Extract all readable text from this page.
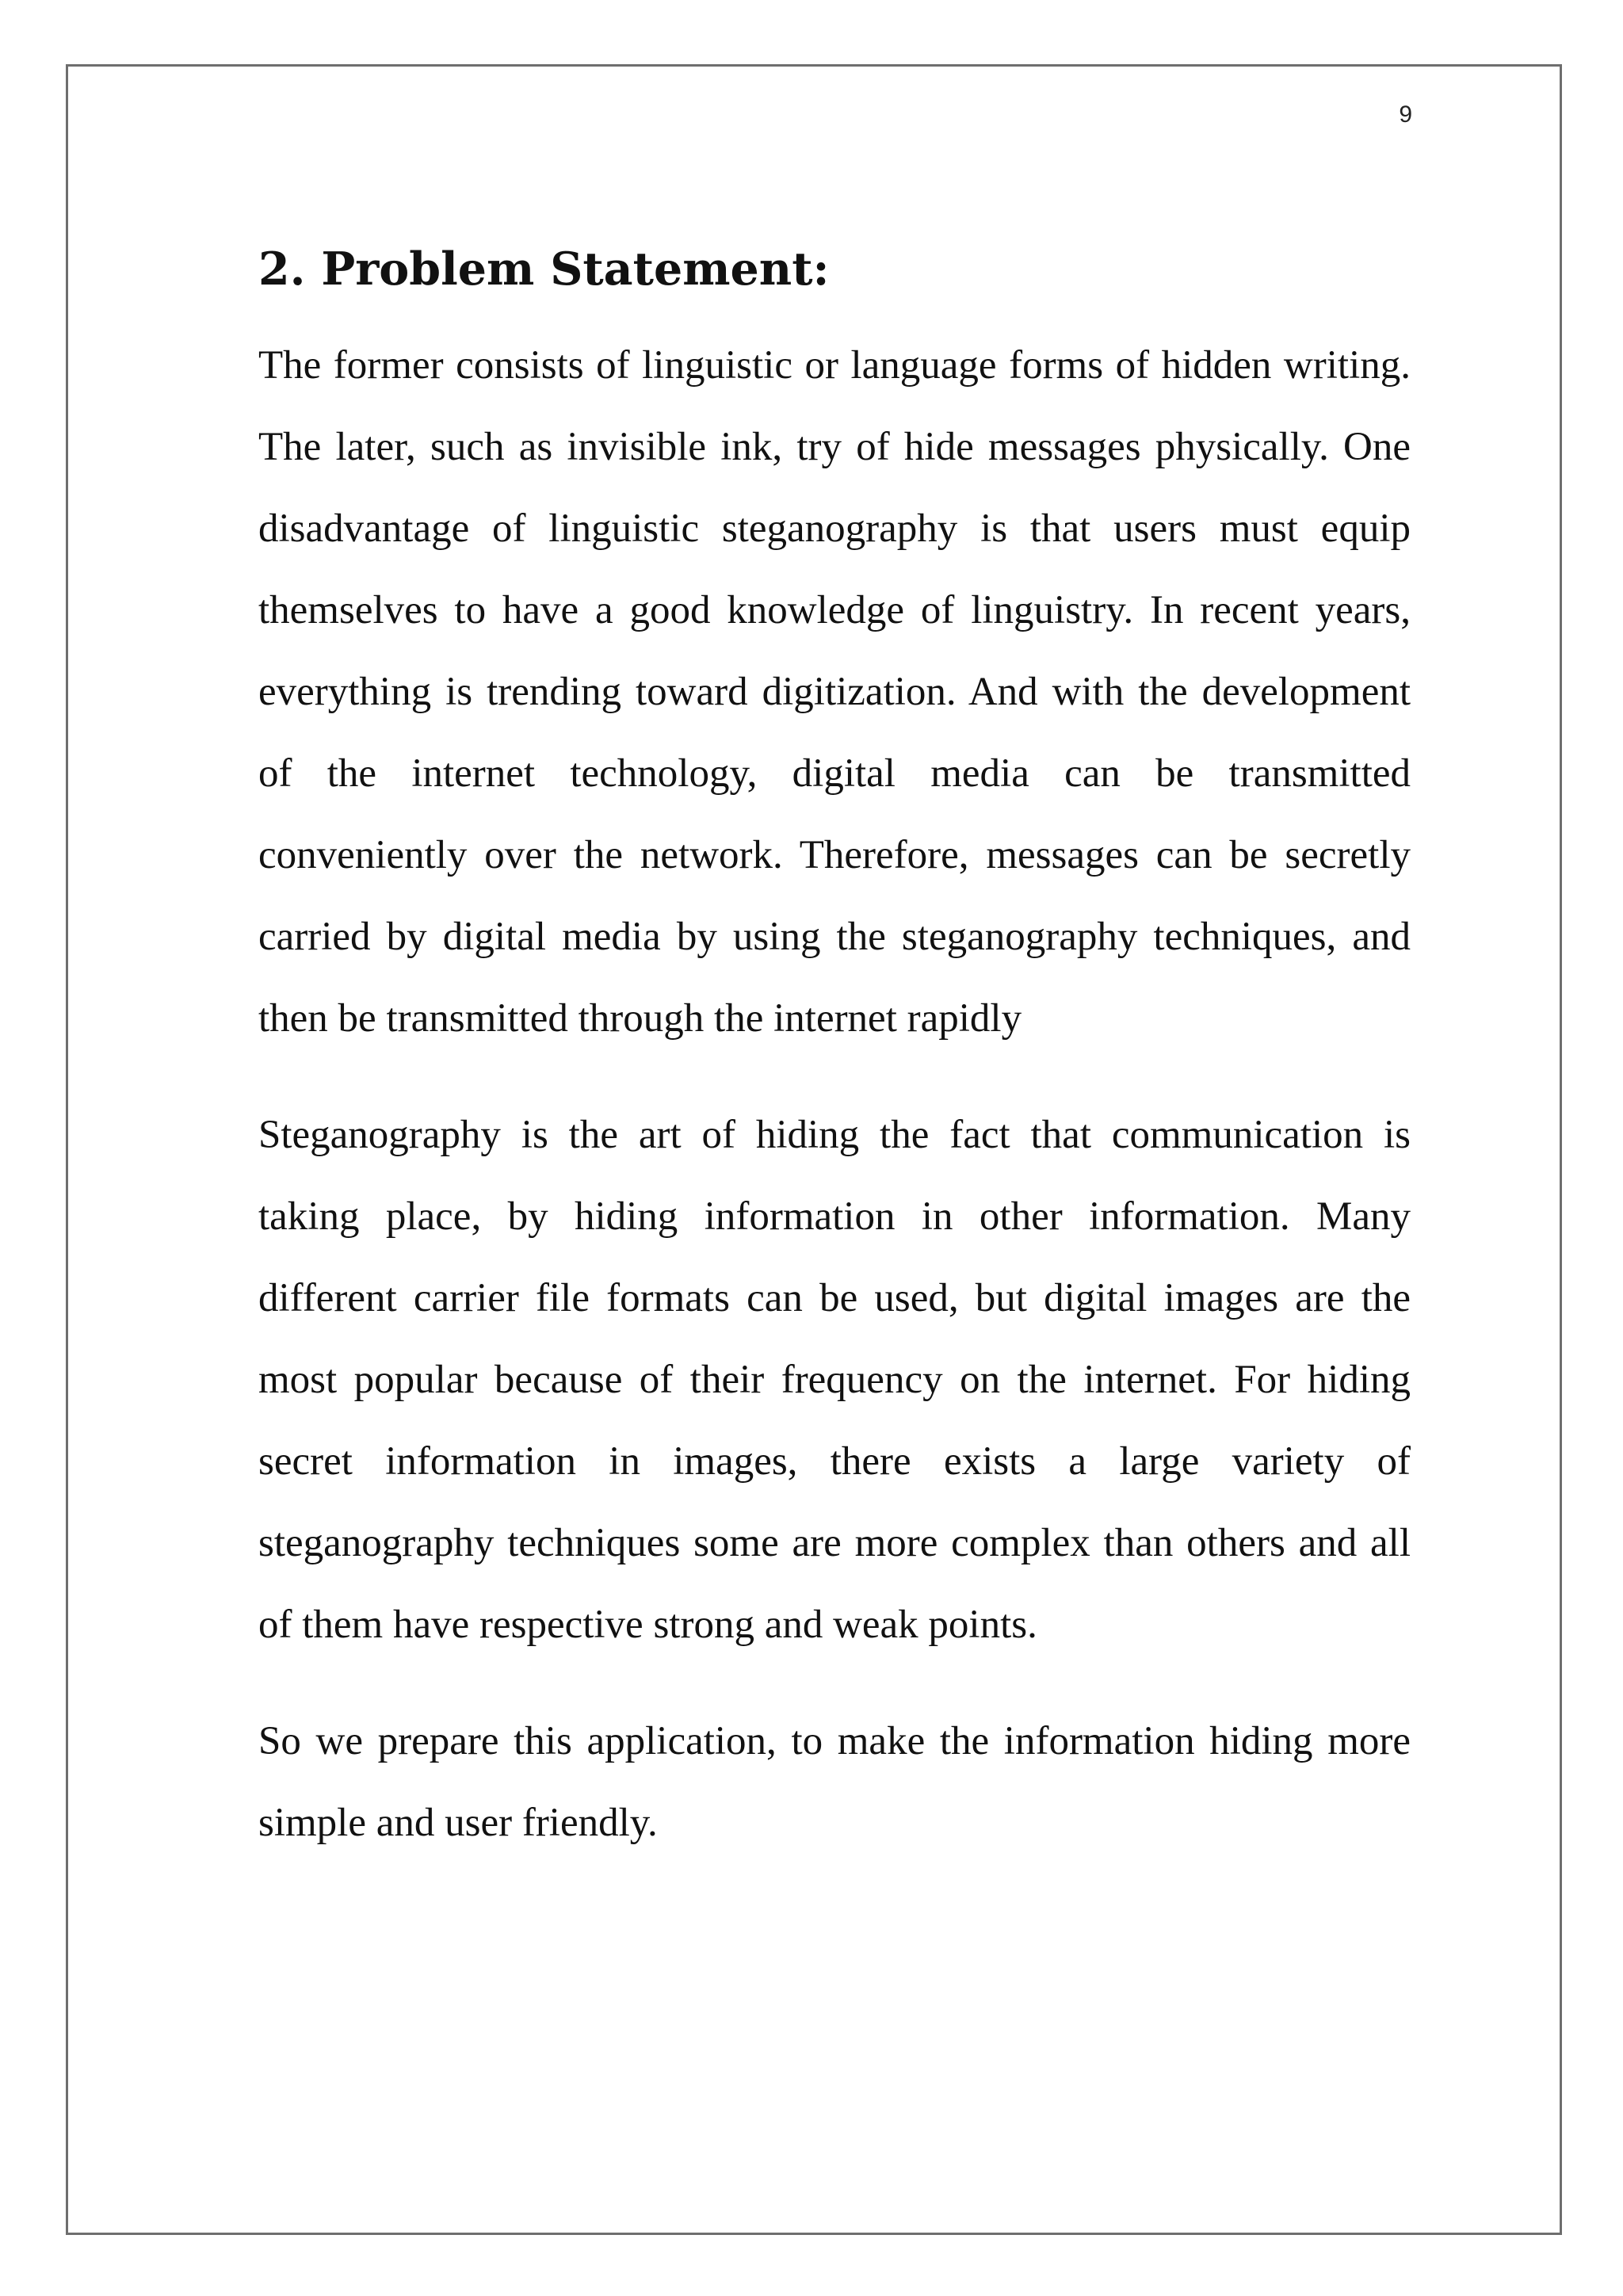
9
2. Problem Statement:

The former consists of linguistic or language forms of hidden writing. The later, such as invisible ink, try of hide messages physically. One disadvantage of linguistic steganography is that users must equip themselves to have a good knowledge of linguistry. In recent years, everything is trending toward digitization. And with the development of the internet technology, digital media can be transmitted conveniently over the network. Therefore, messages can be secretly carried by digital media by using the steganography techniques, and then be transmitted through the internet rapidly

Steganography is the art of hiding the fact that communication is taking place, by hiding information in other information. Many different carrier file formats can be used, but digital images are the most popular because of their frequency on the internet. For hiding secret information in images, there exists a large variety of steganography techniques some are more complex than others and all of them have respective strong and weak points.

So we prepare this application, to make the information hiding more simple and user friendly.
